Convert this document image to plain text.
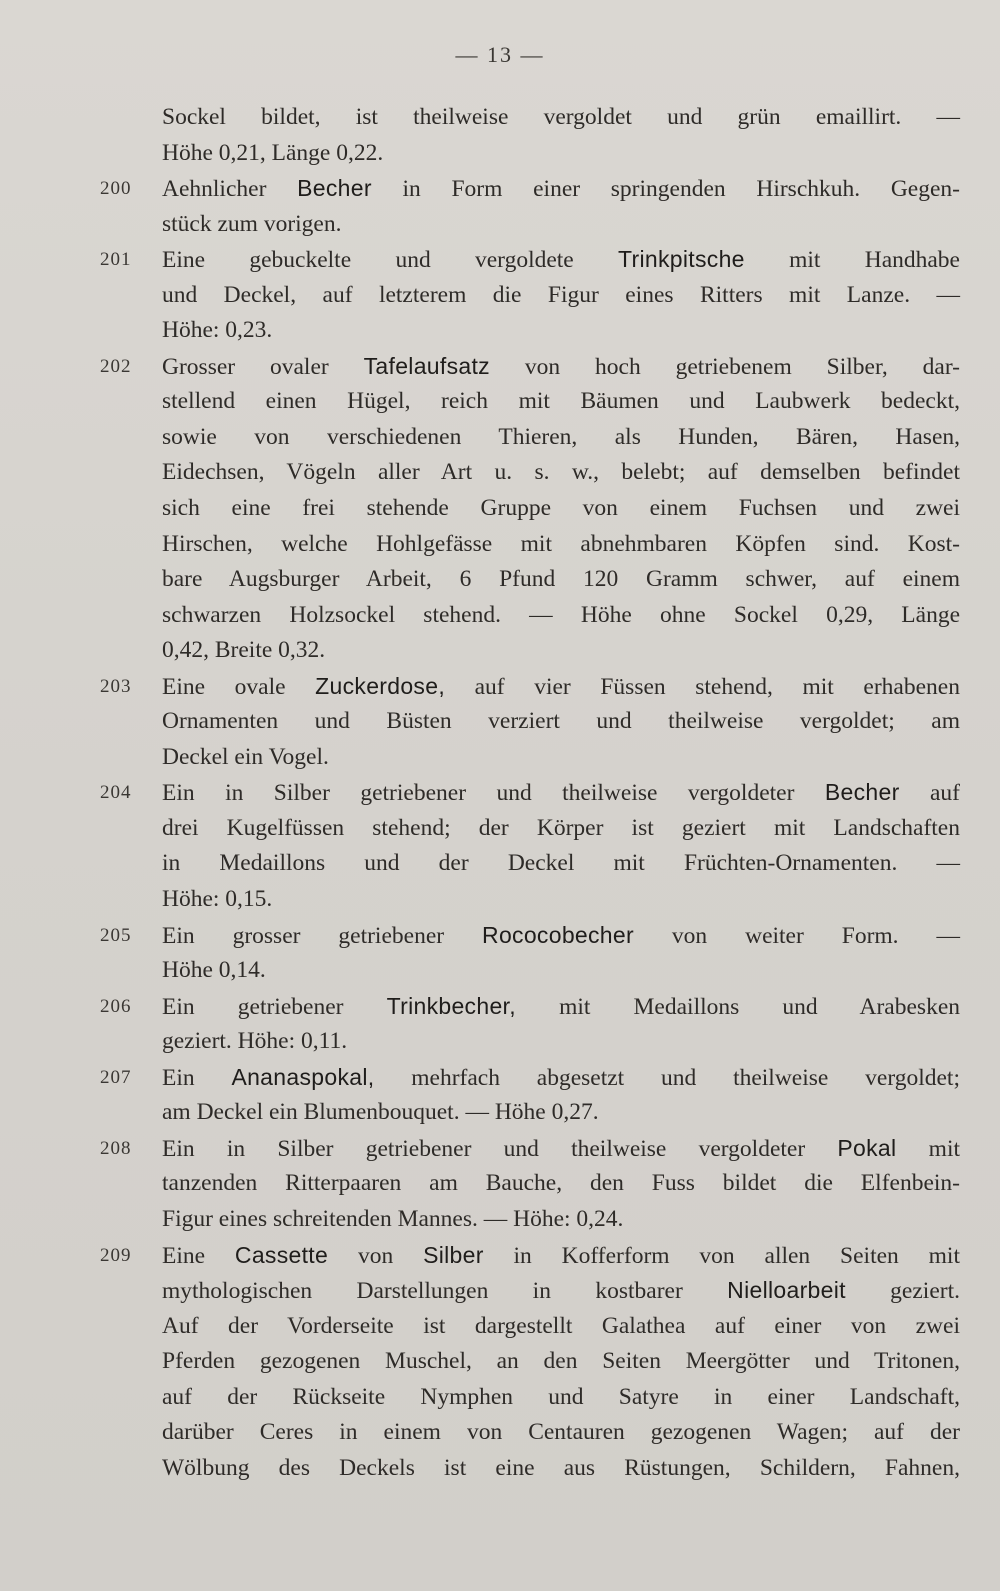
— 13 —
Sockel bildet, ist theilweise vergoldet und grün emaillirt. —
Höhe 0,21, Länge 0,22.
200	Aehnlicher Becher in Form einer springenden Hirschkuh. Gegen-
stück zum vorigen.
201	Eine gebuckelte und vergoldete Trinkpitsche mit Handhabe
und Deckel, auf letzterem die Figur eines Ritters mit Lanze. —
Höhe: 0,23.
202	Grosser ovaler Tafelaufsatz von hoch getriebenem Silber, dar-
stellend einen Hügel, reich mit Bäumen und Laubwerk bedeckt,
sowie von verschiedenen Thieren, als Hunden, Bären, Hasen,
Eidechsen, Vögeln aller Art u. s. w., belebt; auf demselben befindet
sich eine frei stehende Gruppe von einem Fuchsen und zwei
Hirschen, welche Hohlgefässe mit abnehmbaren Köpfen sind. Kost-
bare Augsburger Arbeit, 6 Pfund 120 Gramm schwer, auf einem
schwarzen Holzsockel stehend. — Höhe ohne Sockel 0,29, Länge
0,42, Breite 0,32.
203	Eine ovale Zuckerdose, auf vier Füssen stehend, mit erhabenen
Ornamenten und Büsten verziert und theilweise vergoldet; am
Deckel ein Vogel.
204	Ein in Silber getriebener und theilweise vergoldeter Becher auf
drei Kugelfüssen stehend; der Körper ist geziert mit Landschaften
in Medaillons und der Deckel mit Früchten-Ornamenten. —
Höhe: 0,15.
205	Ein grosser getriebener Rococobecher von weiter Form. —
Höhe 0,14.
206	Ein getriebener Trinkbecher, mit Medaillons und Arabesken
geziert. Höhe: 0,11.
207	Ein Ananaspokal, mehrfach abgesetzt und theilweise vergoldet;
am Deckel ein Blumenbouquet. — Höhe 0,27.
208	Ein in Silber getriebener und theilweise vergoldeter Pokal mit
tanzenden Ritterpaaren am Bauche, den Fuss bildet die Elfenbein-
Figur eines schreitenden Mannes. — Höhe: 0,24.
209	Eine Cassette von Silber in Kofferform von allen Seiten mit
mythologischen Darstellungen in kostbarer Nielloarbeit geziert.
Auf der Vorderseite ist dargestellt Galathea auf einer von zwei
Pferden gezogenen Muschel, an den Seiten Meergötter und Tritonen,
auf der Rückseite Nymphen und Satyre in einer Landschaft,
darüber Ceres in einem von Centauren gezogenen Wagen; auf der
Wölbung des Deckels ist eine aus Rüstungen, Schildern, Fahnen,
